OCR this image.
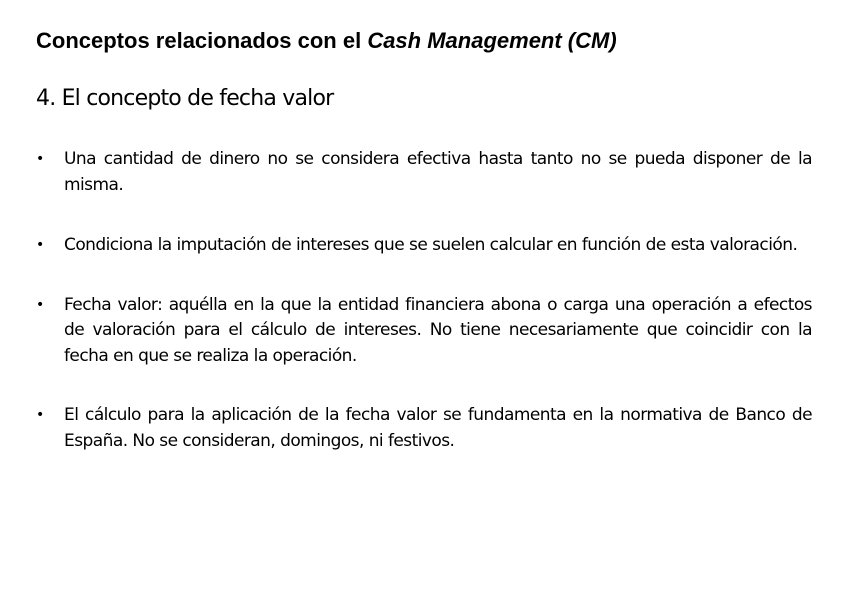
Conceptos relacionados con el Cash Management (CM)
4. El concepto de fecha valor
• Una cantidad de dinero no se considera efectiva hasta tanto no se pueda disponer de la misma.
• Condiciona la imputación de intereses que se suelen calcular en función de esta valoración.
• Fecha valor: aquélla en la que la entidad financiera abona o carga una operación a efectos de valoración para el cálculo de intereses. No tiene necesariamente que coincidir con la fecha en que se realiza la operación.
• El cálculo para la aplicación de la fecha valor se fundamenta en la normativa de Banco de España. No se consideran, domingos, ni festivos.
